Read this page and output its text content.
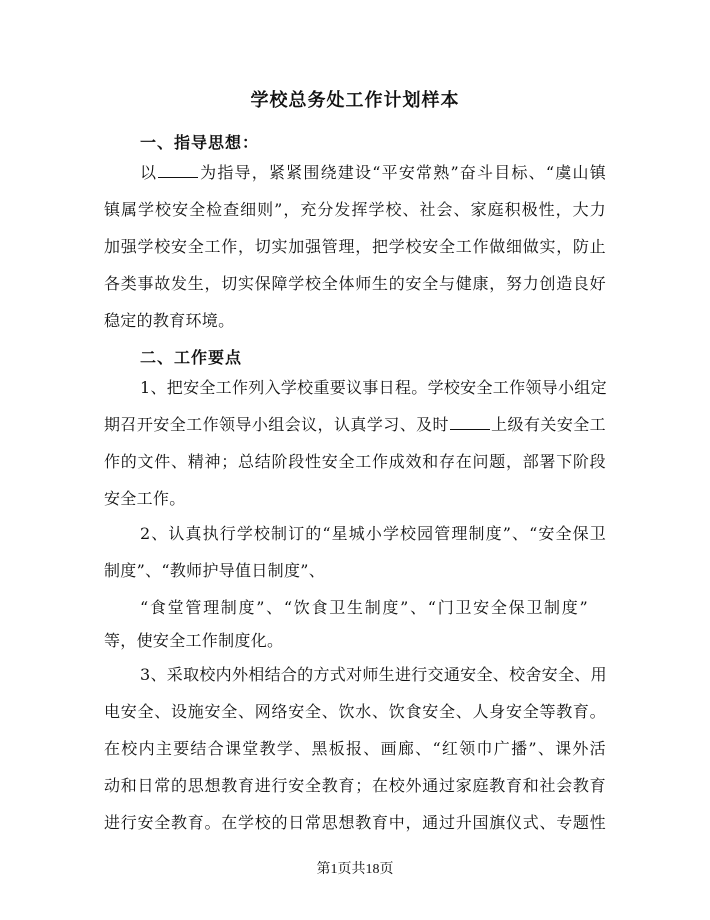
学校总务处工作计划样本
一、指导思想：
以	为指导，紧紧围绕建设“平安常熟”奋斗目标、“虞山镇
镇属学校安全检查细则”，充分发挥学校、社会、家庭积极性，大力
加强学校安全工作，切实加强管理，把学校安全工作做细做实，防止
各类事故发生，切实保障学校全体师生的安全与健康，努力创造良好
稳定的教育环境。
二、工作要点
1、把安全工作列入学校重要议事日程。学校安全工作领导小组定
期召开安全工作领导小组会议，认真学习、及时	上级有关安全工
作的文件、精神；总结阶段性安全工作成效和存在问题，部署下阶段
安全工作。
2、认真执行学校制订的“星城小学校园管理制度”、“安全保卫
制度”、“教师护导值日制度”、
“食堂管理制度”、“饮食卫生制度”、“门卫安全保卫制度”
等，使安全工作制度化。
3、采取校内外相结合的方式对师生进行交通安全、校舍安全、用
电安全、设施安全、网络安全、饮水、饮食安全、人身安全等教育。
在校内主要结合课堂教学、黑板报、画廊、“红领巾广播”、课外活
动和日常的思想教育进行安全教育；在校外通过家庭教育和社会教育
进行安全教育。在学校的日常思想教育中，通过升国旗仪式、专题性
第1页共18页
